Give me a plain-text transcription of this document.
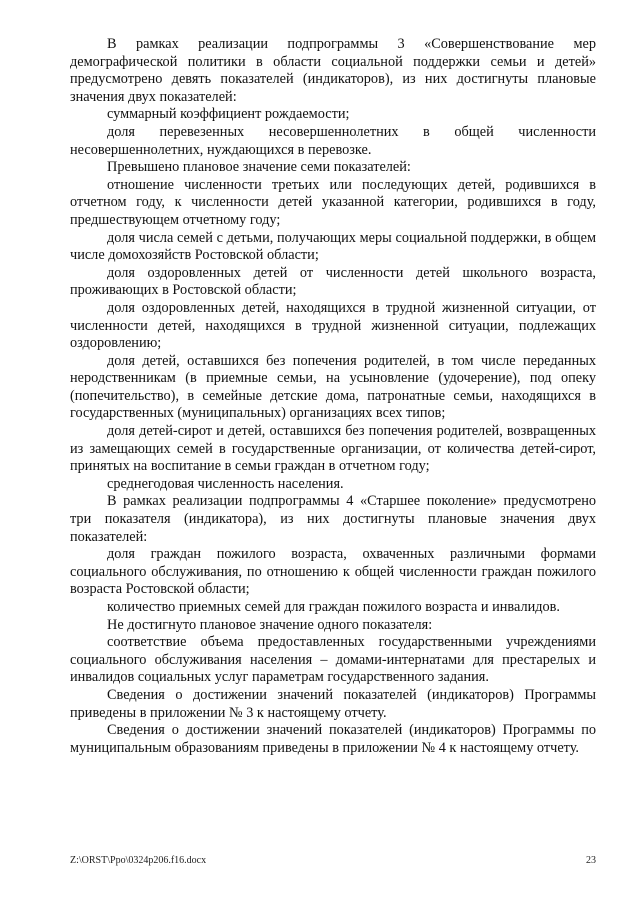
В рамках реализации подпрограммы 3 «Совершенствование мер демографической политики в области социальной поддержки семьи и детей» предусмотрено девять показателей (индикаторов), из них достигнуты плановые значения двух показателей:

суммарный коэффициент рождаемости;

доля перевезенных несовершеннолетних в общей численности несовершеннолетних, нуждающихся в перевозке.

Превышено плановое значение семи показателей:

отношение численности третьих или последующих детей, родившихся в отчетном году, к численности детей указанной категории, родившихся в году, предшествующем отчетному году;

доля числа семей с детьми, получающих меры социальной поддержки, в общем числе домохозяйств Ростовской области;

доля оздоровленных детей от численности детей школьного возраста, проживающих в Ростовской области;

доля оздоровленных детей, находящихся в трудной жизненной ситуации, от численности детей, находящихся в трудной жизненной ситуации, подлежащих оздоровлению;

доля детей, оставшихся без попечения родителей, в том числе переданных неродственникам (в приемные семьи, на усыновление (удочерение), под опеку (попечительство), в семейные детские дома, патронатные семьи, находящихся в государственных (муниципальных) организациях всех типов;

доля детей-сирот и детей, оставшихся без попечения родителей, возвращенных из замещающих семей в государственные организации, от количества детей-сирот, принятых на воспитание в семьи граждан в отчетном году;

среднегодовая численность населения.

В рамках реализации подпрограммы 4 «Старшее поколение» предусмотрено три показателя (индикатора), из них достигнуты плановые значения двух показателей:

доля граждан пожилого возраста, охваченных различными формами социального обслуживания, по отношению к общей численности граждан пожилого возраста Ростовской области;

количество приемных семей для граждан пожилого возраста и инвалидов.

Не достигнуто плановое значение одного показателя:

соответствие объема предоставленных государственными учреждениями социального обслуживания населения – домами-интернатами для престарелых и инвалидов социальных услуг параметрам государственного задания.

Сведения о достижении значений показателей (индикаторов) Программы приведены в приложении № 3 к настоящему отчету.

Сведения о достижении значений показателей (индикаторов) Программы по муниципальным образованиям приведены в приложении № 4 к настоящему отчету.

Z:\ORST\Ppo\0324p206.f16.docx	23
